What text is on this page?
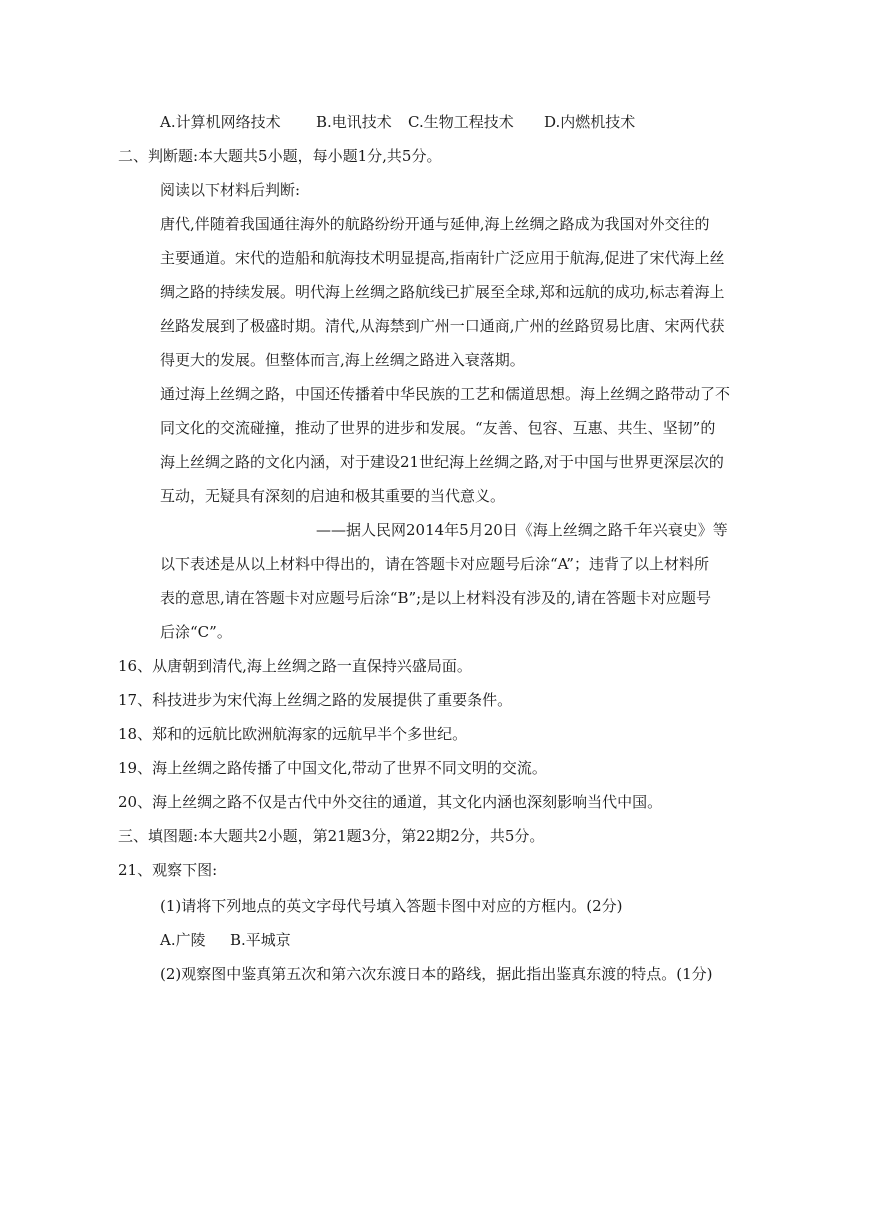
A.计算机网络技术 B.电讯技术 C.生物工程技术 D.内燃机技术
二、判断题:本大题共5小题，每小题1分,共5分。
阅读以下材料后判断:
唐代,伴随着我国通往海外的航路纷纷开通与延伸,海上丝绸之路成为我国对外交往的
主要通道。宋代的造船和航海技术明显提高,指南针广泛应用于航海,促进了宋代海上丝
绸之路的持续发展。明代海上丝绸之路航线已扩展至全球,郑和远航的成功,标志着海上
丝路发展到了极盛时期。清代,从海禁到广州一口通商,广州的丝路贸易比唐、宋两代获
得更大的发展。但整体而言,海上丝绸之路进入衰落期。
通过海上丝绸之路，中国还传播着中华民族的工艺和儒道思想。海上丝绸之路带动了不
同文化的交流碰撞，推动了世界的进步和发展。“友善、包容、互惠、共生、坚韧”的
海上丝绸之路的文化内涵，对于建设21世纪海上丝绸之路,对于中国与世界更深层次的
互动，无疑具有深刻的启迪和极其重要的当代意义。
——据人民网2014年5月20日《海上丝绸之路千年兴衰史》等
以下表述是从以上材料中得出的，请在答题卡对应题号后涂“A”；违背了以上材料所
表的意思,请在答题卡对应题号后涂“B”;是以上材料没有涉及的,请在答题卡对应题号
后涂“C”。
16、从唐朝到清代,海上丝绸之路一直保持兴盛局面。
17、科技进步为宋代海上丝绸之路的发展提供了重要条件。
18、郑和的远航比欧洲航海家的远航早半个多世纪。
19、海上丝绸之路传播了中国文化,带动了世界不同文明的交流。
20、海上丝绸之路不仅是古代中外交往的通道，其文化内涵也深刻影响当代中国。
三、填图题:本大题共2小题，第21题3分，第22期2分，共5分。
21、观察下图:
(1)请将下列地点的英文字母代号填入答题卡图中对应的方框内。(2分)
A.广陵 B.平城京
(2)观察图中鉴真第五次和第六次东渡日本的路线，据此指出鉴真东渡的特点。(1分)
